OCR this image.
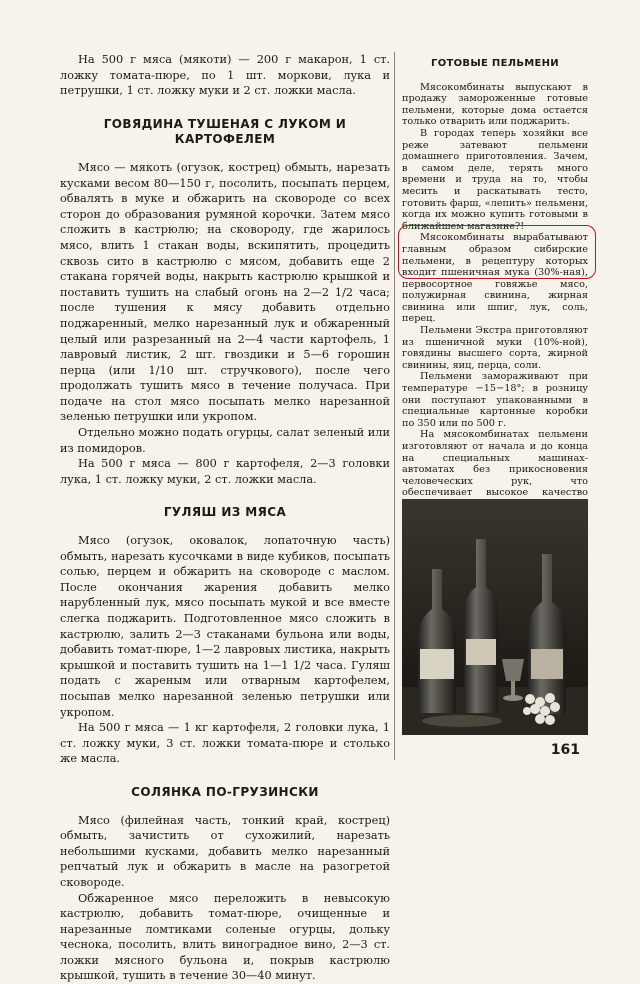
На 500 г мяса (мякоти) — 200 г макарон, 1 ст. ложку томата-пюре, по 1 шт. моркови, лука и петрушки, 1 ст. ложку муки и 2 ст. ложки масла.

ГОВЯДИНА ТУШЕНАЯ С ЛУКОМ И КАРТОФЕЛЕМ

Мясо — мякоть (огузок, кострец) обмыть, нарезать кусками весом 80—150 г, посолить, посыпать перцем, обвалять в муке и обжарить на сковороде со всех сторон до образования румяной корочки. Затем мясо сложить в кастрюлю; на сковороду, где жарилось мясо, влить 1 стакан воды, вскипятить, процедить сквозь сито в кастрюлю с мясом, добавить еще 2 стакана горячей воды, накрыть кастрюлю крышкой и поставить тушить на слабый огонь на 2—2 1/2 часа; после тушения к мясу добавить отдельно поджаренный, мелко нарезанный лук и обжаренный целый или разрезанный на 2—4 части картофель, 1 лавровый листик, 2 шт. гвоздики и 5—6 горошин перца (или 1/10 шт. стручкового), после чего продолжать тушить мясо в течение получаса. При подаче на стол мясо посыпать мелко нарезанной зеленью петрушки или укропом.

Отдельно можно подать огурцы, салат зеленый или из помидоров.

На 500 г мяса — 800 г картофеля, 2—3 головки лука, 1 ст. ложку муки, 2 ст. ложки масла.

ГУЛЯШ ИЗ МЯСА

Мясо (огузок, оковалок, лопаточную часть) обмыть, нарезать кусочками в виде кубиков, посыпать солью, перцем и обжарить на сковороде с маслом. После окончания жарения добавить мелко нарубленный лук, мясо посыпать мукой и все вместе слегка поджарить. Подготовленное мясо сложить в кастрюлю, залить 2—3 стаканами бульона или воды, добавить томат-пюре, 1—2 лавровых листика, накрыть крышкой и поставить тушить на 1—1 1/2 часа. Гуляш подать с жареным или отварным картофелем, посыпав мелко нарезанной зеленью петрушки или укропом.

На 500 г мяса — 1 кг картофеля, 2 головки лука, 1 ст. ложку муки, 3 ст. ложки томата-пюре и столько же масла.

СОЛЯНКА ПО-ГРУЗИНСКИ

Мясо (филейная часть, тонкий край, кострец) обмыть, зачистить от сухожилий, нарезать небольшими кусками, добавить мелко нарезанный репчатый лук и обжарить в масле на разогретой сковороде.

Обжаренное мясо переложить в невысокую кастрюлю, добавить томат-пюре, очищенные и нарезанные ломтиками соленые огурцы, дольку чеснока, посолить, влить виноградное вино, 2—3 ст. ложки мясного бульона и, покрыв кастрюлю крышкой, тушить в течение 30—40 минут.

ГОТОВЫЕ ПЕЛЬМЕНИ

Мясокомбинаты выпускают в продажу замороженные готовые пельмени, которые дома остается только отварить или поджарить.

В городах теперь хозяйки все реже затевают пельмени домашнего приготовления. Зачем, в самом деле, терять много времени и труда на то, чтобы месить и раскатывать тесто, готовить фарш, «лепить» пельмени, когда их можно купить готовыми в ближайшем магазине?!

Мясокомбинаты вырабатывают главным образом сибирские пельмени, в рецептуру которых входит пшеничная мука (30%-ная), первосортное говяжье мясо, полужирная свинина, жирная свинина или шпиг, лук, соль, перец.

Пельмени Экстра приготовляют из пшеничной муки (10%-ной), говядины высшего сорта, жирной свинины, яиц, перца, соли.

Пельмени замораживают при температуре −15−18°; в розницу они поступают упакованными в специальные картонные коробки по 350 или по 500 г.

На мясокомбинатах пельмени изготовляют от начала и до конца на специальных машинах-автоматах без прикосновения человеческих рук, что обеспечивает высокое качество

161
